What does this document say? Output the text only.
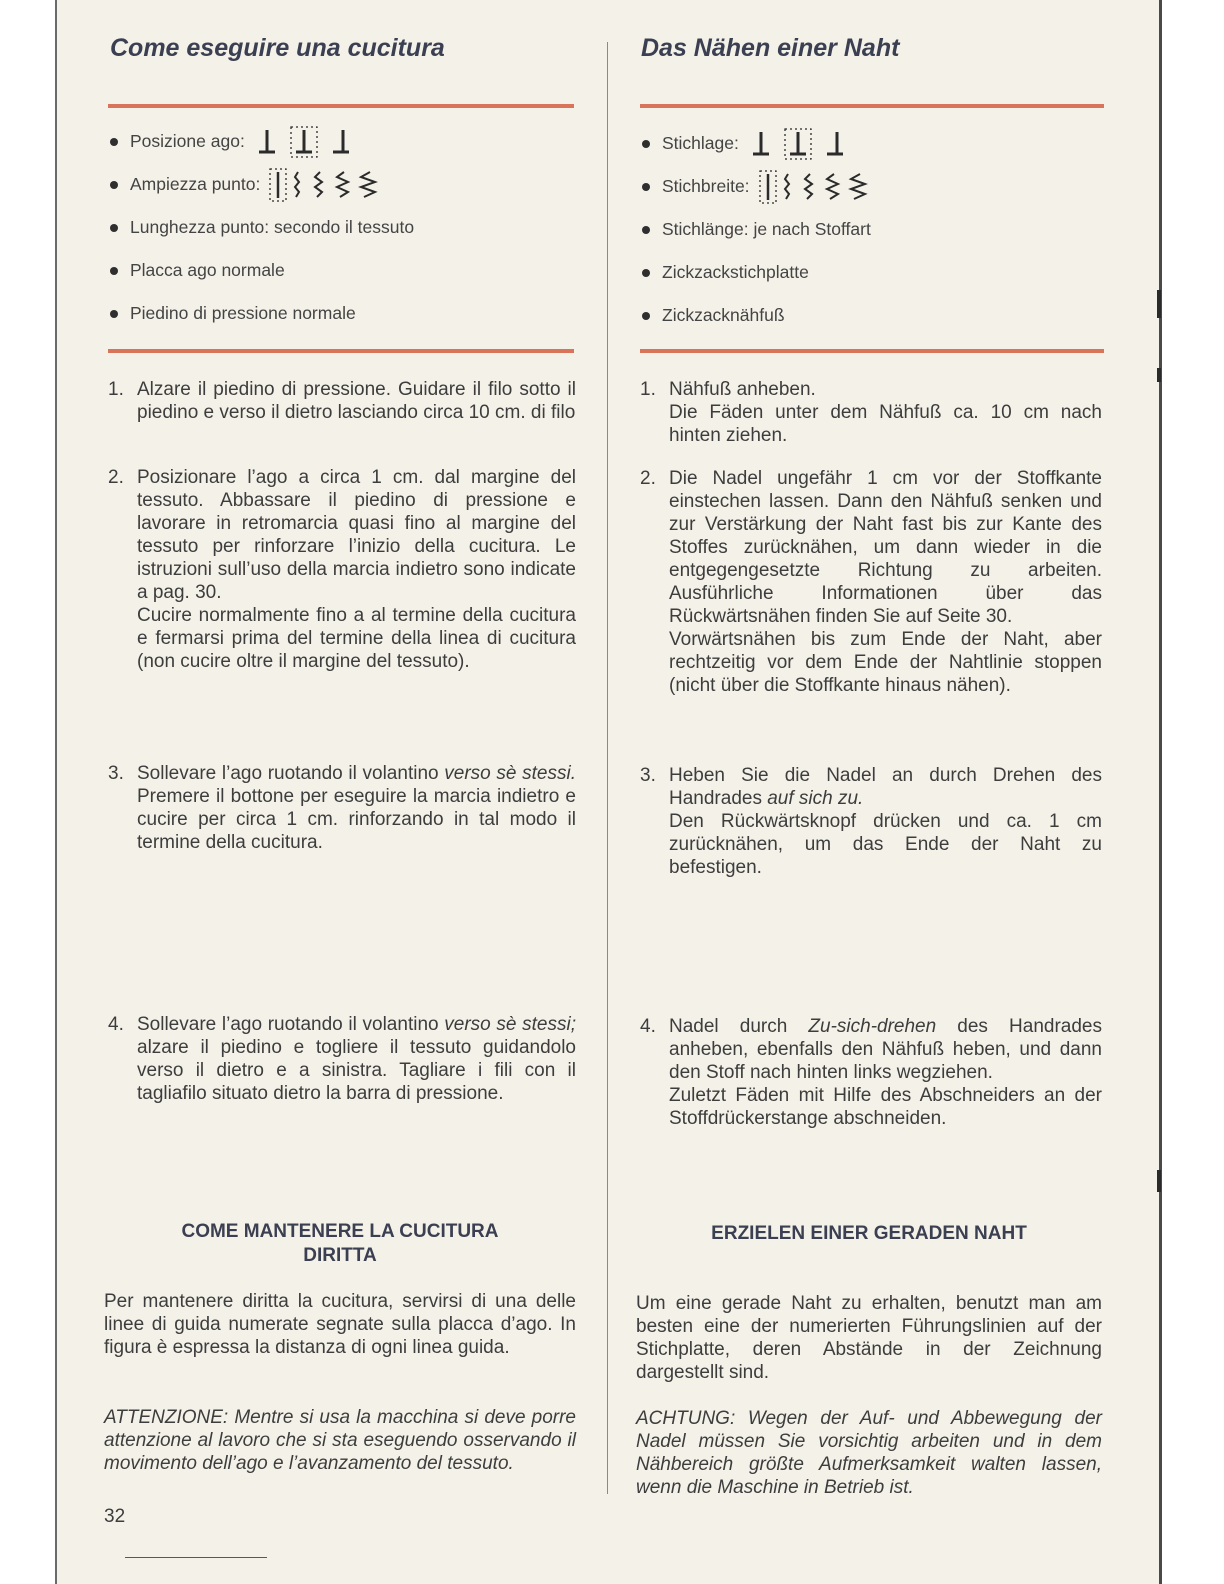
Come eseguire una cucitura
Posizione ago:
Ampiezza punto:
Lunghezza punto: secondo il tessuto
Placca ago normale
Piedino di pressione normale
1. Alzare il piedino di pressione. Guidare il filo sotto il piedino e verso il dietro lasciando circa 10 cm. di filo

2. Posizionare l’ago a circa 1 cm. dal margine del tessuto. Abbassare il piedino di pressione e lavorare in retromarcia quasi fino al margine del tessuto per rinforzare l’inizio della cucitura. Le istruzioni sull’uso della marcia indietro sono indicate a pag. 30.

Cucire normalmente fino a al termine della cucitura e fermarsi prima del termine della linea di cucitura (non cucire oltre il margine del tessuto).

3. Sollevare l’ago ruotando il volantino verso sè stessi. Premere il bottone per eseguire la marcia indietro e cucire per circa 1 cm. rinforzando in tal modo il termine della cucitura.

4. Sollevare l’ago ruotando il volantino verso sè stessi; alzare il piedino e togliere il tessuto guidandolo verso il dietro e a sinistra. Tagliare i fili con il tagliafilo situato dietro la barra di pressione.

COME MANTENERE LA CUCITURA
DIRITTA

Per mantenere diritta la cucitura, servirsi di una delle linee di guida numerate segnate sulla placca d’ago. In figura è espressa la distanza di ogni linea guida.

ATTENZIONE: Mentre si usa la macchina si deve porre attenzione al lavoro che si sta eseguendo osservando il movimento dell’ago e l’avanzamento del tessuto.

Das Nähen einer Naht
Stichlage:
Stichbreite:
Stichlänge: je nach Stoffart
Zickzackstichplatte
Zickzacknähfuß
1. Nähfuß anheben.

Die Fäden unter dem Nähfuß ca. 10 cm nach hinten ziehen.

2. Die Nadel ungefähr 1 cm vor der Stoffkante einstechen lassen. Dann den Nähfuß senken und zur Verstärkung der Naht fast bis zur Kante des Stoffes zurücknähen, um dann wieder in die entgegengesetzte Richtung zu arbeiten. Ausführliche Informationen über das Rückwärtsnähen finden Sie auf Seite 30.

Vorwärtsnähen bis zum Ende der Naht, aber rechtzeitig vor dem Ende der Nahtlinie stoppen (nicht über die Stoffkante hinaus nähen).

3. Heben Sie die Nadel an durch Drehen des Handrades auf sich zu.

Den Rückwärtsknopf drücken und ca. 1 cm zurücknähen, um das Ende der Naht zu befestigen.

4. Nadel durch Zu-sich-drehen des Handrades anheben, ebenfalls den Nähfuß heben, und dann den Stoff nach hinten links wegziehen.

Zuletzt Fäden mit Hilfe des Abschneiders an der Stoffdrückerstange abschneiden.

ERZIELEN EINER GERADEN NAHT

Um eine gerade Naht zu erhalten, benutzt man am besten eine der numerierten Führungslinien auf der Stichplatte, deren Abstände in der Zeichnung dargestellt sind.

ACHTUNG: Wegen der Auf- und Abbewegung der Nadel müssen Sie vorsichtig arbeiten und in dem Nähbereich größte Aufmerksamkeit walten lassen, wenn die Maschine in Betrieb ist.

32
